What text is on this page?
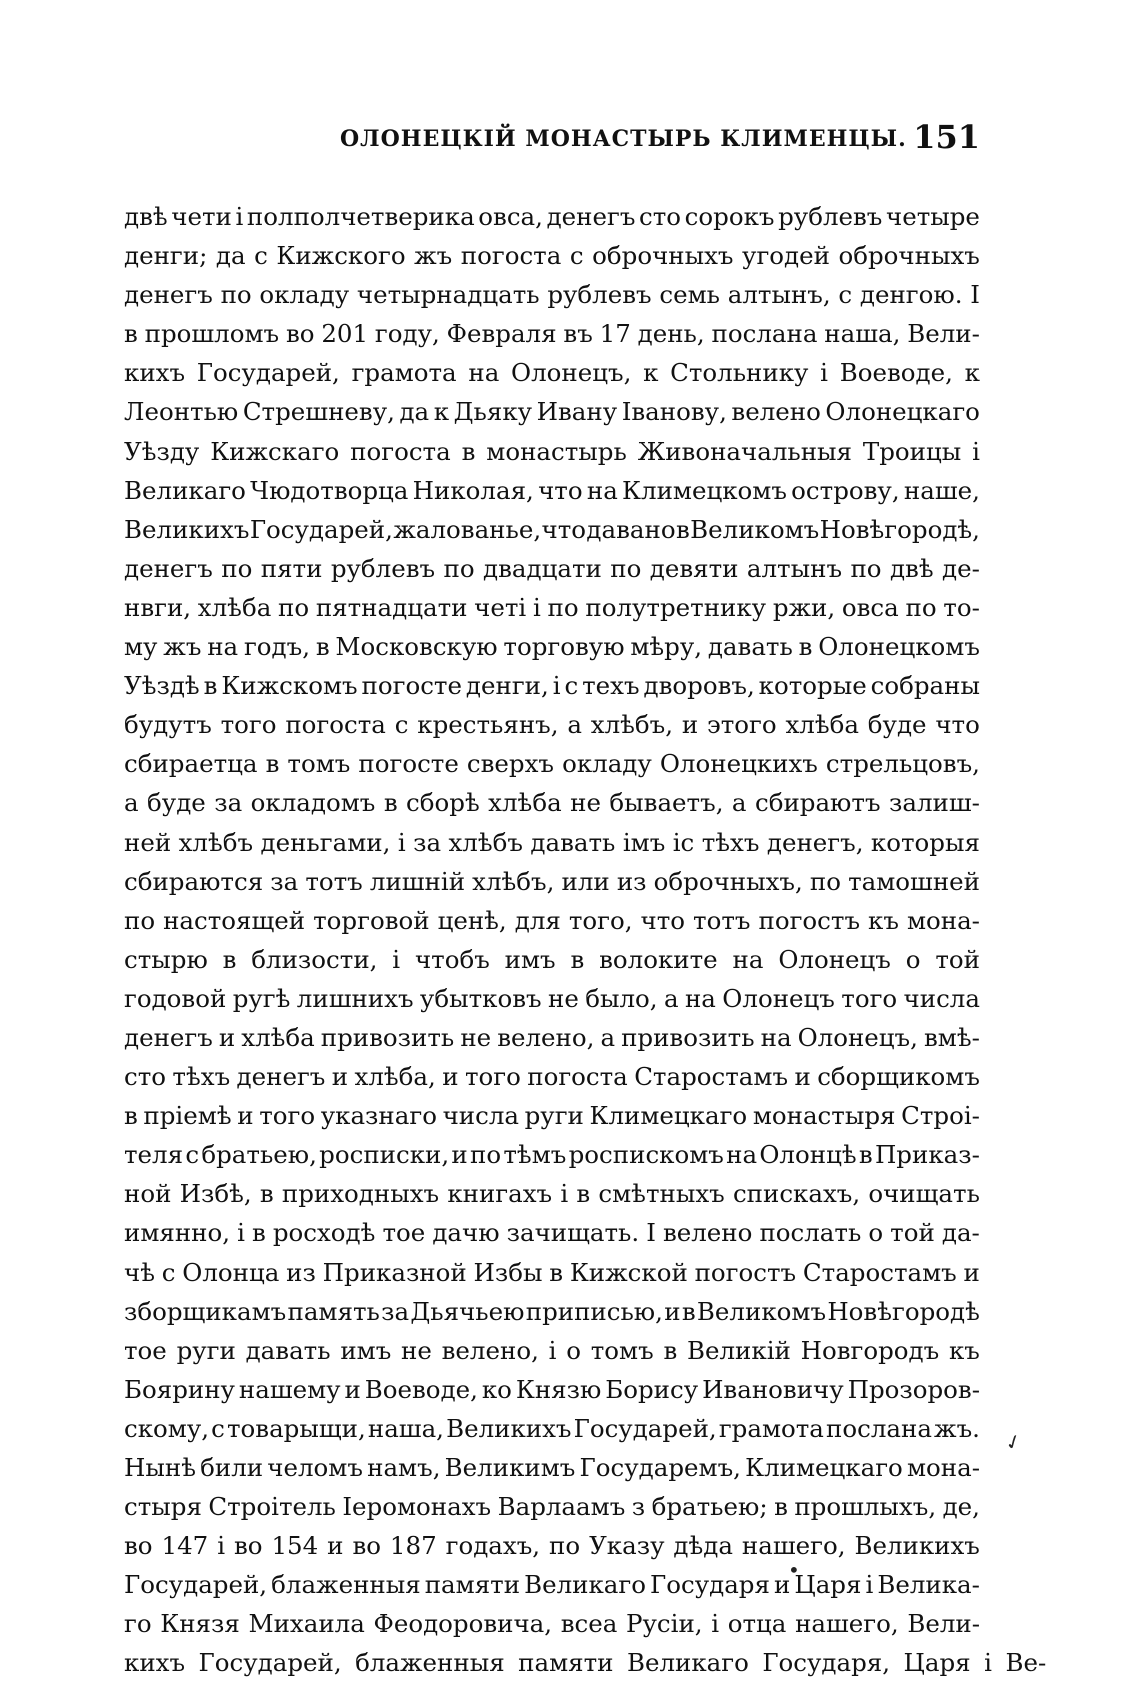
ОЛОНЕЦКІЙ МОНАСТЫРЬ КЛИМЕНЦЫ. 151
двѣ чети і полполчетверика овса, денегъ сто сорокъ рублевъ четыре
денги; да с Кижского жъ погоста с оброчныхъ угодей оброчныхъ
денегъ по окладу четырнадцать рублевъ семь алтынъ, с денгою. І
в прошломъ во 201 году, Февраля въ 17 день, послана наша, Вели-
кихъ Государей, грамота на Олонецъ, к Стольнику і Воеводе, к
Леонтью Стрешневу, да к Дьяку Ивану Іванову, велено Олонецкаго
Уѣзду Кижскаго погоста в монастырь Живоначальныя Троицы і
Великаго Чюдотворца Николая, что на Климецкомъ острову, наше,
Великихъ Государей, жалованье, что давано в Великомъ Новѣгородѣ,
денегъ по пяти рублевъ по двадцати по девяти алтынъ по двѣ де-
нвги, хлѣба по пятнадцати четі і по полутретнику ржи, овса по то-
му жъ на годъ, в Московскую торговую мѣру, давать в Олонецкомъ
Уѣздѣ в Кижскомъ погосте денги, і с техъ дворовъ, которые собраны
будутъ того погоста с крестьянъ, а хлѣбъ, и этого хлѣба буде что
сбираетца в томъ погосте сверхъ окладу Олонецкихъ стрельцовъ,
а буде за окладомъ в сборѣ хлѣба не бываетъ, а сбираютъ залиш-
ней хлѣбъ деньгами, і за хлѣбъ давать імъ іс тѣхъ денегъ, которыя
сбираются за тотъ лишній хлѣбъ, или из оброчныхъ, по тамошней
по настоящей торговой ценѣ, для того, что тотъ погостъ къ мона-
стырю в близости, і чтобъ имъ в волоките на Олонецъ о той
годовой ругѣ лишнихъ убытковъ не было, а на Олонецъ того числа
денегъ и хлѣба привозить не велено, а привозить на Олонецъ, вмѣ-
сто тѣхъ денегъ и хлѣба, и того погоста Старостамъ и сборщикомъ
в пріемѣ и того указнаго числа руги Климецкаго монастыря Строі-
теля с братьею, росписки, и по тѣмъ роспискомъ на Олонцѣ в Приказ-
ной Избѣ, в приходныхъ книгахъ і в смѣтныхъ спискахъ, очищать
имянно, і в росходѣ тое дачю зачищать. І велено послать о той да-
чѣ с Олонца из Приказной Избы в Кижской погостъ Старостамъ и
зборщикамъ память за Дьячьею приписью, и в Великомъ Новѣгородѣ
тое руги давать имъ не велено, і о томъ в Великій Новгородъ къ
Боярину нашему и Воеводе, ко Князю Борису Ивановичу Прозоров-
скому, с товарыщи, наша, Великихъ Государей, грамота послана жъ.
Нынѣ били челомъ намъ, Великимъ Государемъ, Климецкаго мона-
стыря Строітель Іеромонахъ Варлаамъ з братьею; в прошлыхъ, де,
во 147 і во 154 и во 187 годахъ, по Указу дѣда нашего, Великихъ
Государей, блаженныя памяти Великаго Государя и Царя і Велика-
го Князя Михаила Феодоровича, всеа Русіи, і отца нашего, Вели-
кихъ Государей, блаженныя памяти Великаго Государя, Царя і Ве-
✓
•
